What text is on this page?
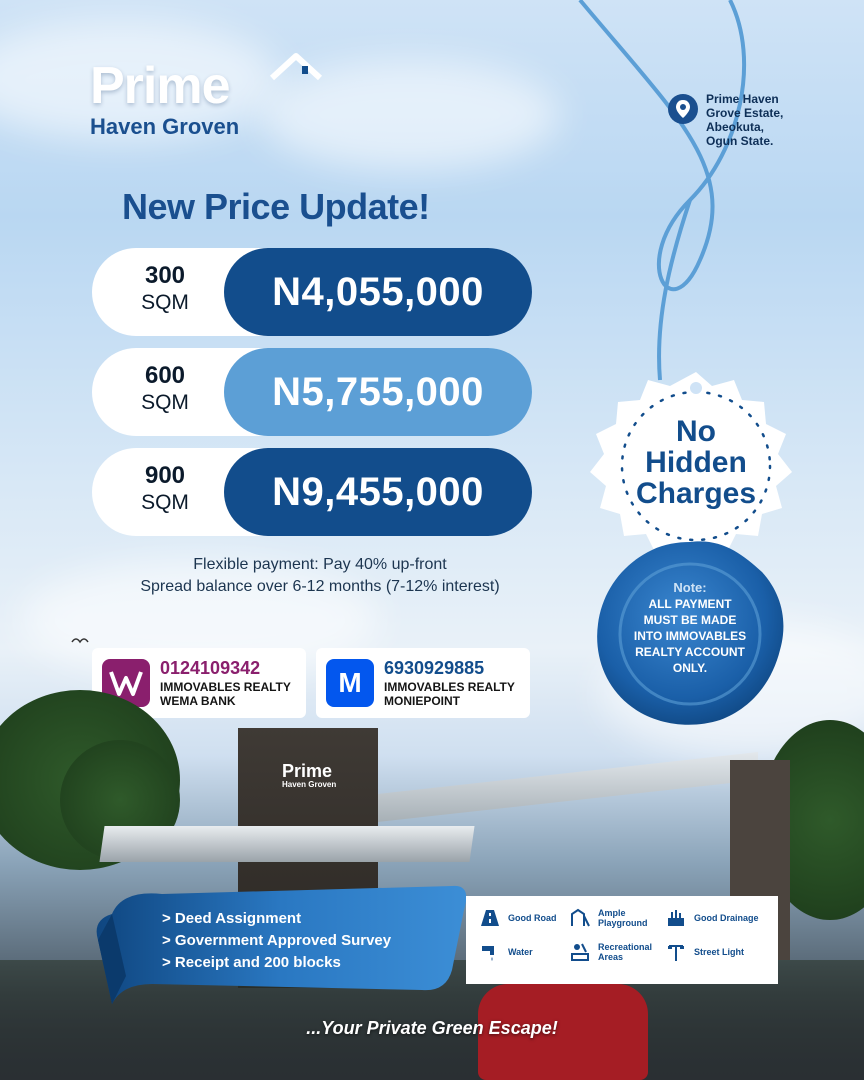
Prime
Haven Groven
Prime Haven
Grove Estate,
Abeokuta,
Ogun State.
New Price Update!
300
SQM	N4,055,000
600
SQM	N5,755,000
900
SQM	N9,455,000
Flexible payment: Pay 40% up-front
Spread balance over 6-12 months (7-12% interest)
0124109342
IMMOVABLES REALTY
WEMA BANK
M	6930929885
IMMOVABLES REALTY
MONIEPOINT
No
Hidden
Charges
Note:
ALL PAYMENT
MUST BE MADE
INTO IMMOVABLES
REALTY ACCOUNT
ONLY.
Prime
Haven Groven
> Deed Assignment
> Government Approved Survey
> Receipt and 200 blocks
Good Road	Ample Playground	Good Drainage
Water	Recreational Areas	Street Light
...Your Private Green Escape!
